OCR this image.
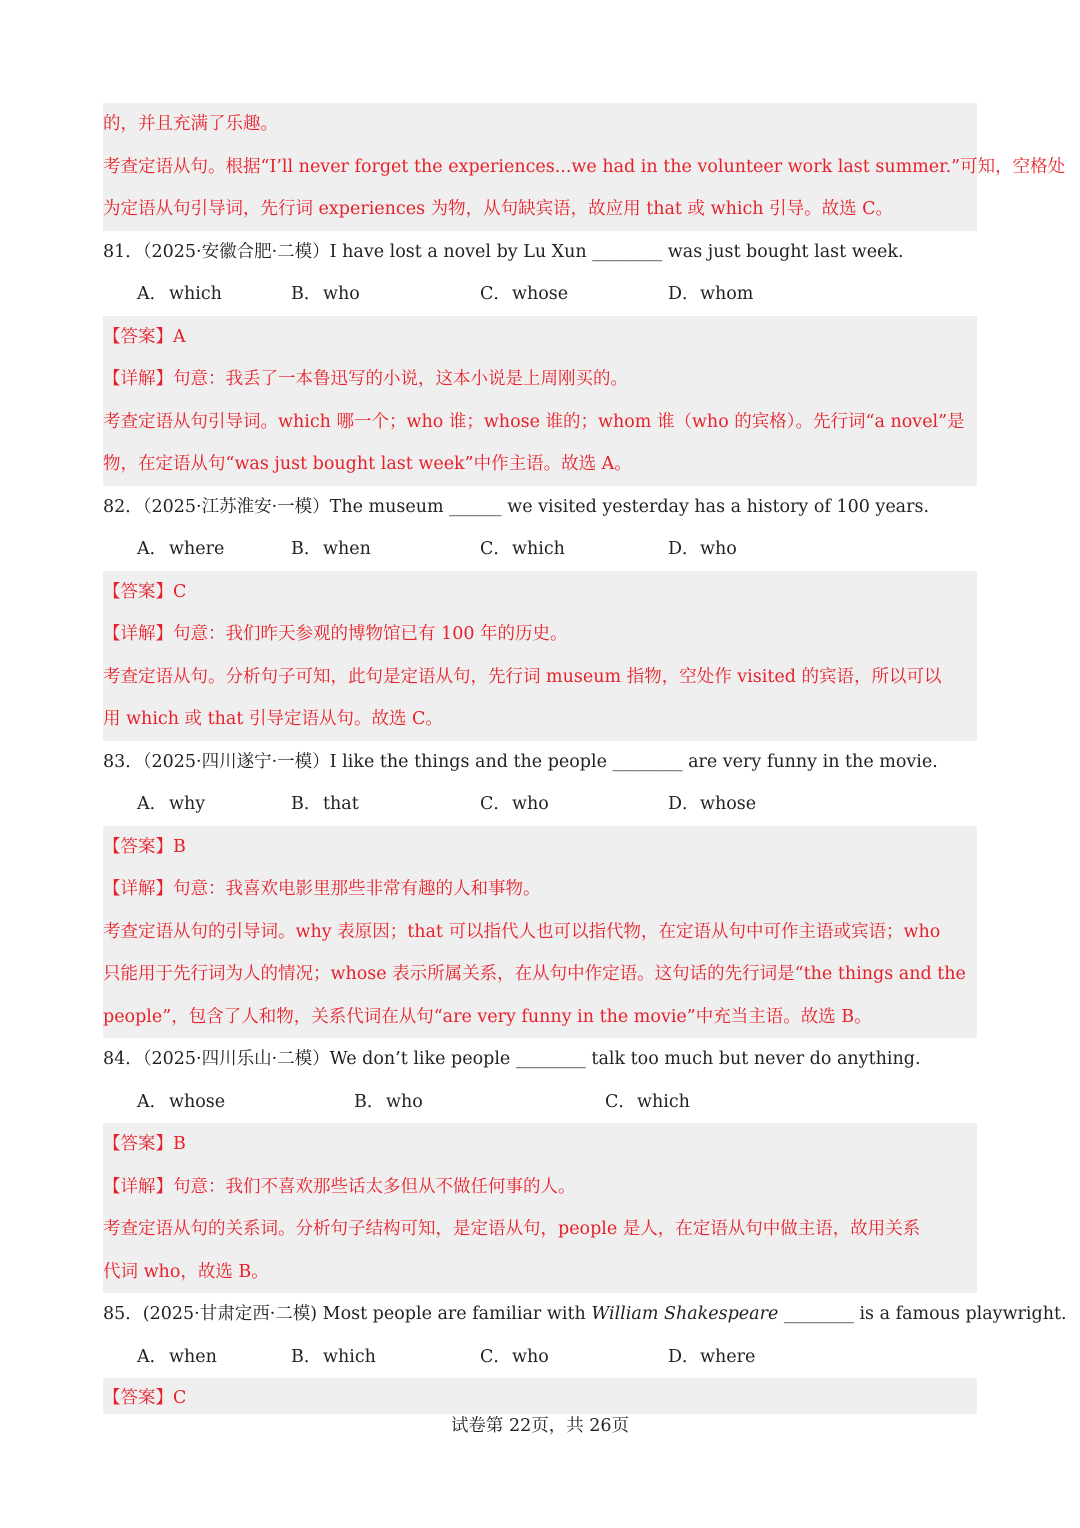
的，并且充满了乐趣。
考查定语从句。根据“I’ll never forget the experiences...we had in the volunteer work last summer.”可知，空格处
为定语从句引导词，先行词 experiences 为物，从句缺宾语，故应用 that 或 which 引导。故选 C。
81．（2025·安徽合肥·二模）I have lost a novel by Lu Xun ________ was just bought last week.
A． which	B．who	C．whose	D．whom
【答案】A
【详解】句意：我丢了一本鲁迅写的小说，这本小说是上周刚买的。
考查定语从句引导词。which 哪一个；who 谁；whose 谁的；whom 谁（who 的宾格）。先行词“a novel”是
物，在定语从句“was just bought last week”中作主语。故选 A。
82．（2025·江苏淮安·一模）The museum ______ we visited yesterday has a history of 100 years.
A． where	B．when	C．which	D．who
【答案】C
【详解】句意：我们昨天参观的博物馆已有 100 年的历史。
考查定语从句。分析句子可知，此句是定语从句，先行词 museum 指物，空处作 visited 的宾语，所以可以
用 which 或 that 引导定语从句。故选 C。
83．（2025·四川遂宁·一模）I like the things and the people ________ are very funny in the movie.
A． why	B．that	C．who	D．whose
【答案】B
【详解】句意：我喜欢电影里那些非常有趣的人和事物。
考查定语从句的引导词。why 表原因；that 可以指代人也可以指代物，在定语从句中可作主语或宾语；who
只能用于先行词为人的情况；whose 表示所属关系，在从句中作定语。这句话的先行词是“the things and the
people”，包含了人和物，关系代词在从句“are very funny in the movie”中充当主语。故选 B。
84．（2025·四川乐山·二模）We don’t like people ________ talk too much but never do anything.
A． whose	B．who	C．which
【答案】B
【详解】句意：我们不喜欢那些话太多但从不做任何事的人。
考查定语从句的关系词。分析句子结构可知，是定语从句，people 是人，在定语从句中做主语，故用关系
代词 who，故选 B。
85．(2025·甘肃定西·二模) Most people are familiar with William Shakespeare ________ is a famous playwright.
A． when	B．which	C．who	D．where
【答案】C
试卷第 22页，共 26页
